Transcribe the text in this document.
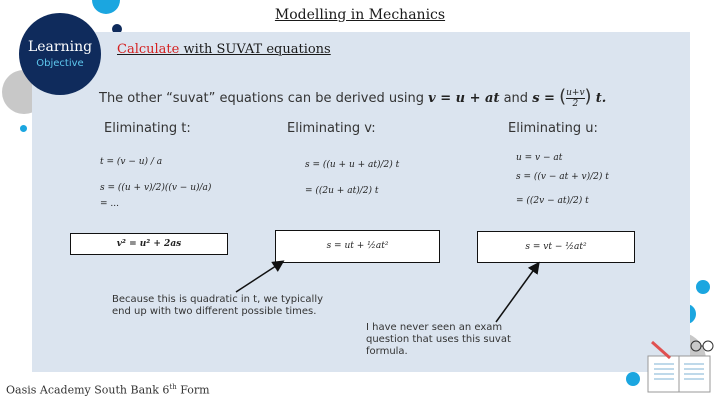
Modelling in Mechanics
Learning
Objective
Calculate with SUVAT equations
The other “suvat” equations can be derived using v = u + at and s = ( $\frac{u+v}{2}$ ) t.
Eliminating t:	Eliminating v:	Eliminating u:
t = (v − u) / a
s = ((u + v)/2)((v − u)/a)
= ...
s = ((u + u + at)/2) t
= ((2u + at)/2) t
u = v − at
s = ((v − at + v)/2) t
= ((2v − at)/2) t
v² = u² + 2as	s = ut + ½at²	s = vt − ½at²
Because this is quadratic in t, we typically end up with two different possible times.
I have never seen an exam question that uses this suvat formula.
Oasis Academy South Bank 6th Form
